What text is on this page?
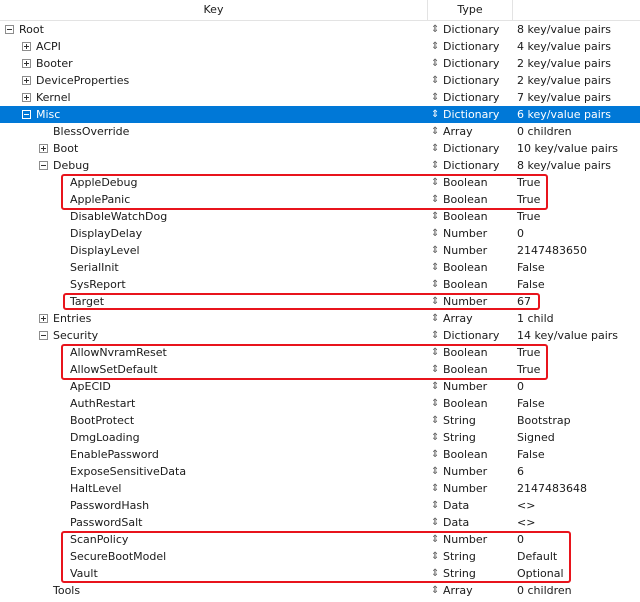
Key	Type
Root	⇕ Dictionary 8 key/value pairs
ACPI	⇕ Dictionary 4 key/value pairs
Booter	⇕ Dictionary 2 key/value pairs
DeviceProperties	⇕ Dictionary 2 key/value pairs
Kernel	⇕ Dictionary 7 key/value pairs
Misc	⇕ Dictionary 6 key/value pairs
BlessOverride	⇕ Array	0 children
Boot	⇕ Dictionary 10 key/value pairs
Debug	⇕ Dictionary 8 key/value pairs
AppleDebug	⇕ Boolean	True
ApplePanic	⇕ Boolean	True
DisableWatchDog	⇕ Boolean	True
DisplayDelay	⇕ Number	0
DisplayLevel	⇕ Number	2147483650
SerialInit	⇕ Boolean	False
SysReport	⇕ Boolean	False
Target	⇕ Number	67
Entries	⇕ Array	1 child
Security	⇕ Dictionary 14 key/value pairs
AllowNvramReset	⇕ Boolean	True
AllowSetDefault	⇕ Boolean	True
ApECID	⇕ Number	0
AuthRestart	⇕ Boolean	False
BootProtect	⇕ String	Bootstrap
DmgLoading	⇕ String	Signed
EnablePassword	⇕ Boolean	False
ExposeSensitiveData	⇕ Number	6
HaltLevel	⇕ Number	2147483648
PasswordHash	⇕ Data	<>
PasswordSalt	⇕ Data	<>
ScanPolicy	⇕ Number	0
SecureBootModel	⇕ String	Default
Vault	⇕ String	Optional
Tools	⇕ Array	0 children
